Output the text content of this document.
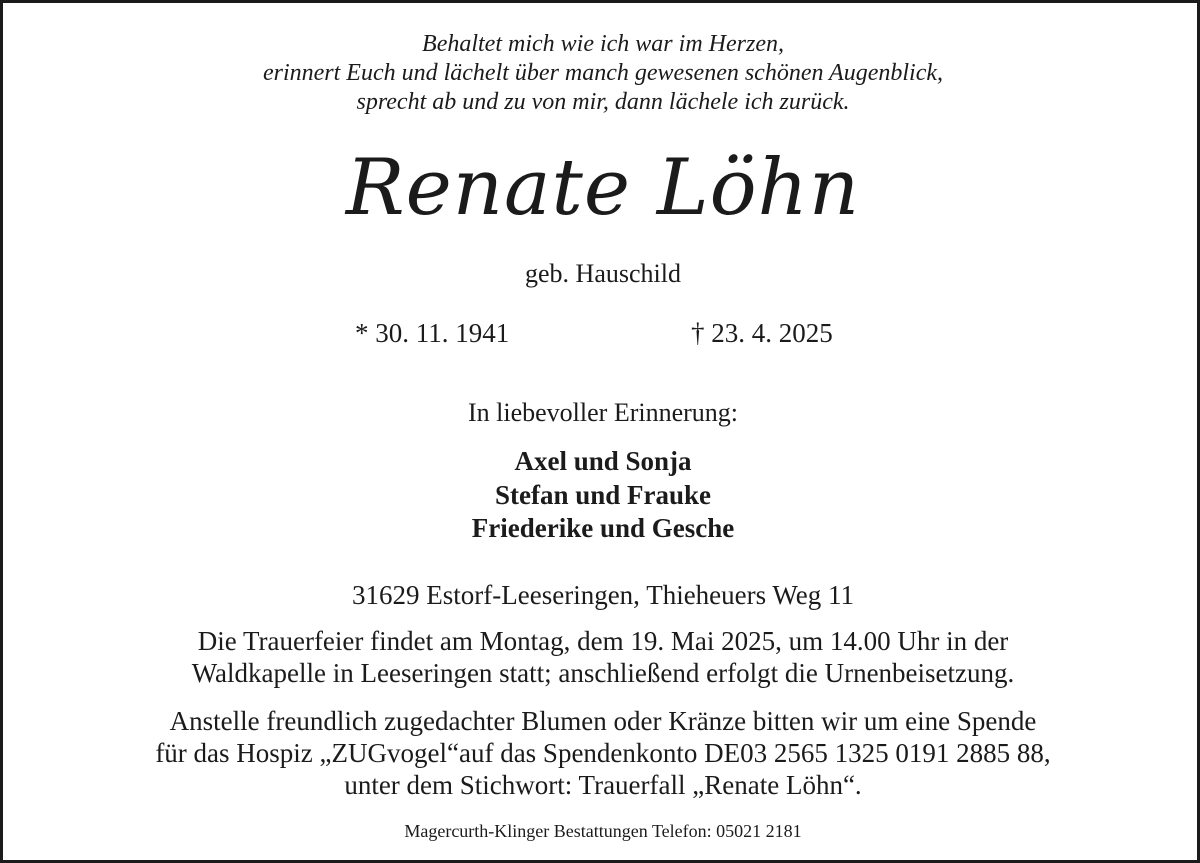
Behaltet mich wie ich war im Herzen,
erinnert Euch und lächelt über manch gewesenen schönen Augenblick,
sprecht ab und zu von mir, dann lächele ich zurück.
Renate Löhn
geb. Hauschild
* 30. 11. 1941	† 23. 4. 2025
In liebevoller Erinnerung:
Axel und Sonja
Stefan und Frauke
Friederike und Gesche
31629 Estorf-Leeseringen, Thieheuers Weg 11
Die Trauerfeier findet am Montag, dem 19. Mai 2025, um 14.00 Uhr in der
Waldkapelle in Leeseringen statt; anschließend erfolgt die Urnenbeisetzung.
Anstelle freundlich zugedachter Blumen oder Kränze bitten wir um eine Spende
für das Hospiz „ZUGvogel“auf das Spendenkonto DE03 2565 1325 0191 2885 88,
unter dem Stichwort: Trauerfall „Renate Löhn“.
Magercurth-Klinger Bestattungen Telefon: 05021 2181
